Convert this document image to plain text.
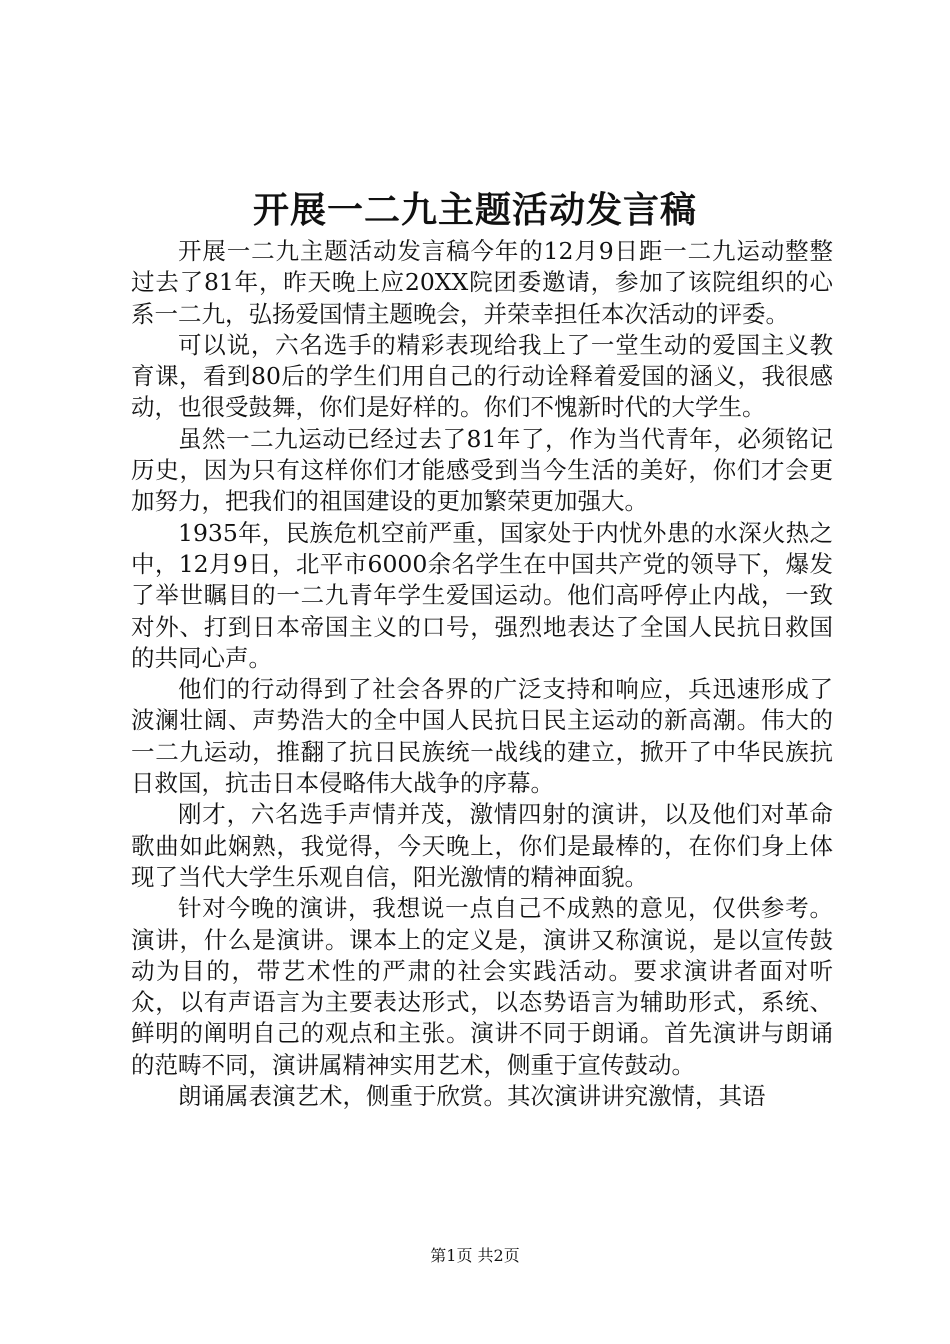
开展一二九主题活动发言稿

开展一二九主题活动发言稿今年的12月9日距一二九运动整整过去了81年，昨天晚上应20XX院团委邀请，参加了该院组织的心系一二九，弘扬爱国情主题晚会，并荣幸担任本次活动的评委。

可以说，六名选手的精彩表现给我上了一堂生动的爱国主义教育课，看到80后的学生们用自己的行动诠释着爱国的涵义，我很感动，也很受鼓舞，你们是好样的。你们不愧新时代的大学生。

虽然一二九运动已经过去了81年了，作为当代青年，必须铭记历史，因为只有这样你们才能感受到当今生活的美好，你们才会更加努力，把我们的祖国建设的更加繁荣更加强大。

1935年，民族危机空前严重，国家处于内忧外患的水深火热之中，12月9日，北平市6000余名学生在中国共产党的领导下，爆发了举世瞩目的一二九青年学生爱国运动。他们高呼停止内战，一致对外、打到日本帝国主义的口号，强烈地表达了全国人民抗日救国的共同心声。

他们的行动得到了社会各界的广泛支持和响应，兵迅速形成了波澜壮阔、声势浩大的全中国人民抗日民主运动的新高潮。伟大的一二九运动，推翻了抗日民族统一战线的建立，掀开了中华民族抗日救国，抗击日本侵略伟大战争的序幕。

刚才，六名选手声情并茂，激情四射的演讲，以及他们对革命歌曲如此娴熟，我觉得，今天晚上，你们是最棒的，在你们身上体现了当代大学生乐观自信，阳光激情的精神面貌。

针对今晚的演讲，我想说一点自己不成熟的意见，仅供参考。演讲，什么是演讲。课本上的定义是，演讲又称演说，是以宣传鼓动为目的，带艺术性的严肃的社会实践活动。要求演讲者面对听众，以有声语言为主要表达形式，以态势语言为辅助形式，系统、鲜明的阐明自己的观点和主张。演讲不同于朗诵。首先演讲与朗诵的范畴不同，演讲属精神实用艺术，侧重于宣传鼓动。

朗诵属表演艺术，侧重于欣赏。其次演讲讲究激情，其语

第1页 共2页
